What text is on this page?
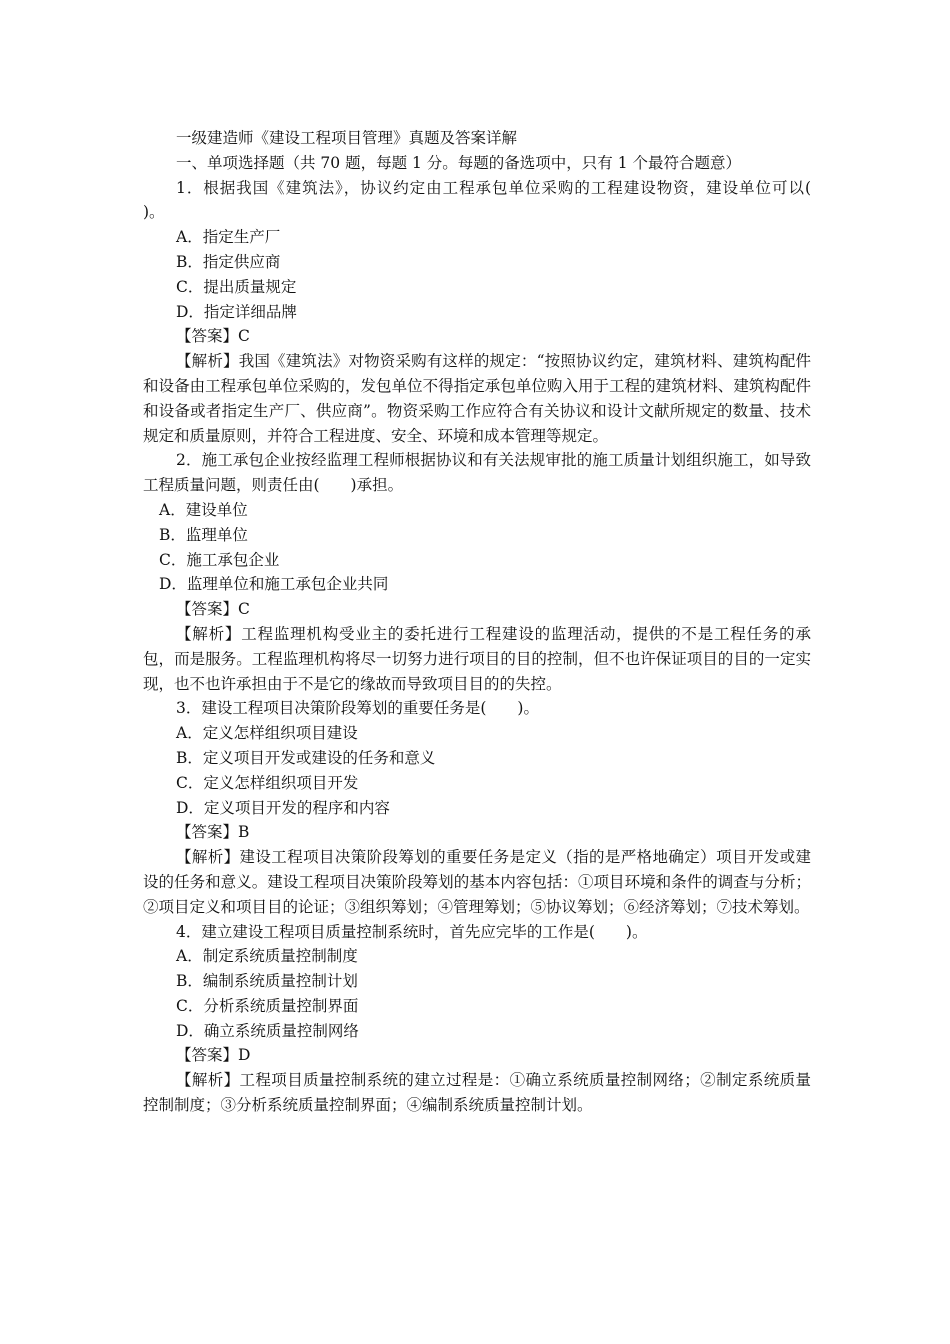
一级建造师《建设工程项目管理》真题及答案详解

一、单项选择题（共 70 题，每题 1 分。每题的备选项中，只有 1 个最符合题意）

1．根据我国《建筑法》，协议约定由工程承包单位采购的工程建设物资，建设单位可以(　　)。

A．指定生产厂

B．指定供应商

C．提出质量规定

D．指定详细品牌

【答案】C

【解析】我国《建筑法》对物资采购有这样的规定：“按照协议约定，建筑材料、建筑构配件和设备由工程承包单位采购的，发包单位不得指定承包单位购入用于工程的建筑材料、建筑构配件和设备或者指定生产厂、供应商”。物资采购工作应符合有关协议和设计文献所规定的数量、技术规定和质量原则，并符合工程进度、安全、环境和成本管理等规定。

2．施工承包企业按经监理工程师根据协议和有关法规审批的施工质量计划组织施工，如导致工程质量问题，则责任由(　　)承担。

A．建设单位

B．监理单位

C．施工承包企业

D．监理单位和施工承包企业共同

【答案】C

【解析】工程监理机构受业主的委托进行工程建设的监理活动，提供的不是工程任务的承包，而是服务。工程监理机构将尽一切努力进行项目的目的控制，但不也许保证项目的目的一定实现，也不也许承担由于不是它的缘故而导致项目目的的失控。

3．建设工程项目决策阶段筹划的重要任务是(　　)。

A．定义怎样组织项目建设

B．定义项目开发或建设的任务和意义

C．定义怎样组织项目开发

D．定义项目开发的程序和内容

【答案】B

【解析】建设工程项目决策阶段筹划的重要任务是定义（指的是严格地确定）项目开发或建设的任务和意义。建设工程项目决策阶段筹划的基本内容包括：①项目环境和条件的调查与分析；②项目定义和项目目的论证；③组织筹划；④管理筹划；⑤协议筹划；⑥经济筹划；⑦技术筹划。

4．建立建设工程项目质量控制系统时，首先应完毕的工作是(　　)。

A．制定系统质量控制制度

B．编制系统质量控制计划

C．分析系统质量控制界面

D．确立系统质量控制网络

【答案】D

【解析】工程项目质量控制系统的建立过程是：①确立系统质量控制网络；②制定系统质量控制制度；③分析系统质量控制界面；④编制系统质量控制计划。
